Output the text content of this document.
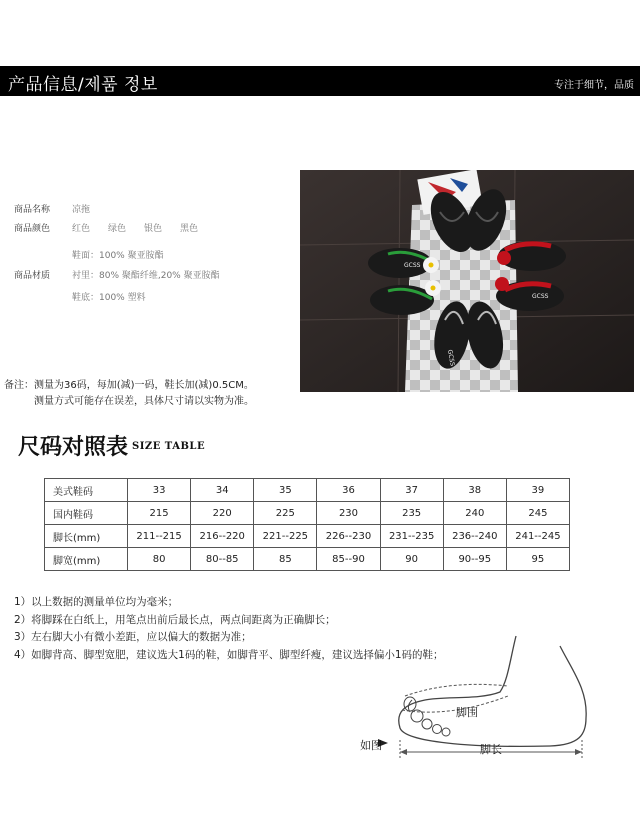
产品信息/제품 정보	专注于细节，品质
商品名称 凉拖
商品颜色 红色 绿色 银色 黑色
鞋面：100% 聚亚胺酯
商品材质 衬里：80% 聚酯纤维,20% 聚亚胺酯
鞋底：100% 塑料
GCSS
GCSS
GCSS
备注：测量为36码，每加(减)一码，鞋长加(减)0.5CM。
测量方式可能存在误差，具体尺寸请以实物为准。
尺码对照表 SIZE TABLE
美式鞋码	33	34	35	36	37	38	39
国内鞋码	215	220	225	230	235	240	245
脚长(mm)	211--215	216--220	221--225	226--230	231--235	236--240	241--245
脚宽(mm)	80	80--85	85	85--90	90	90--95	95
1）以上数据的测量单位均为毫米；
2）将脚踩在白纸上，用笔点出前后最长点，两点间距离为正确脚长；
3）左右脚大小有微小差距，应以偏大的数据为准；
4）如脚背高、脚型宽肥，建议选大1码的鞋，如脚背平、脚型纤瘦，建议选择偏小1码的鞋；
如图
脚围
脚长
